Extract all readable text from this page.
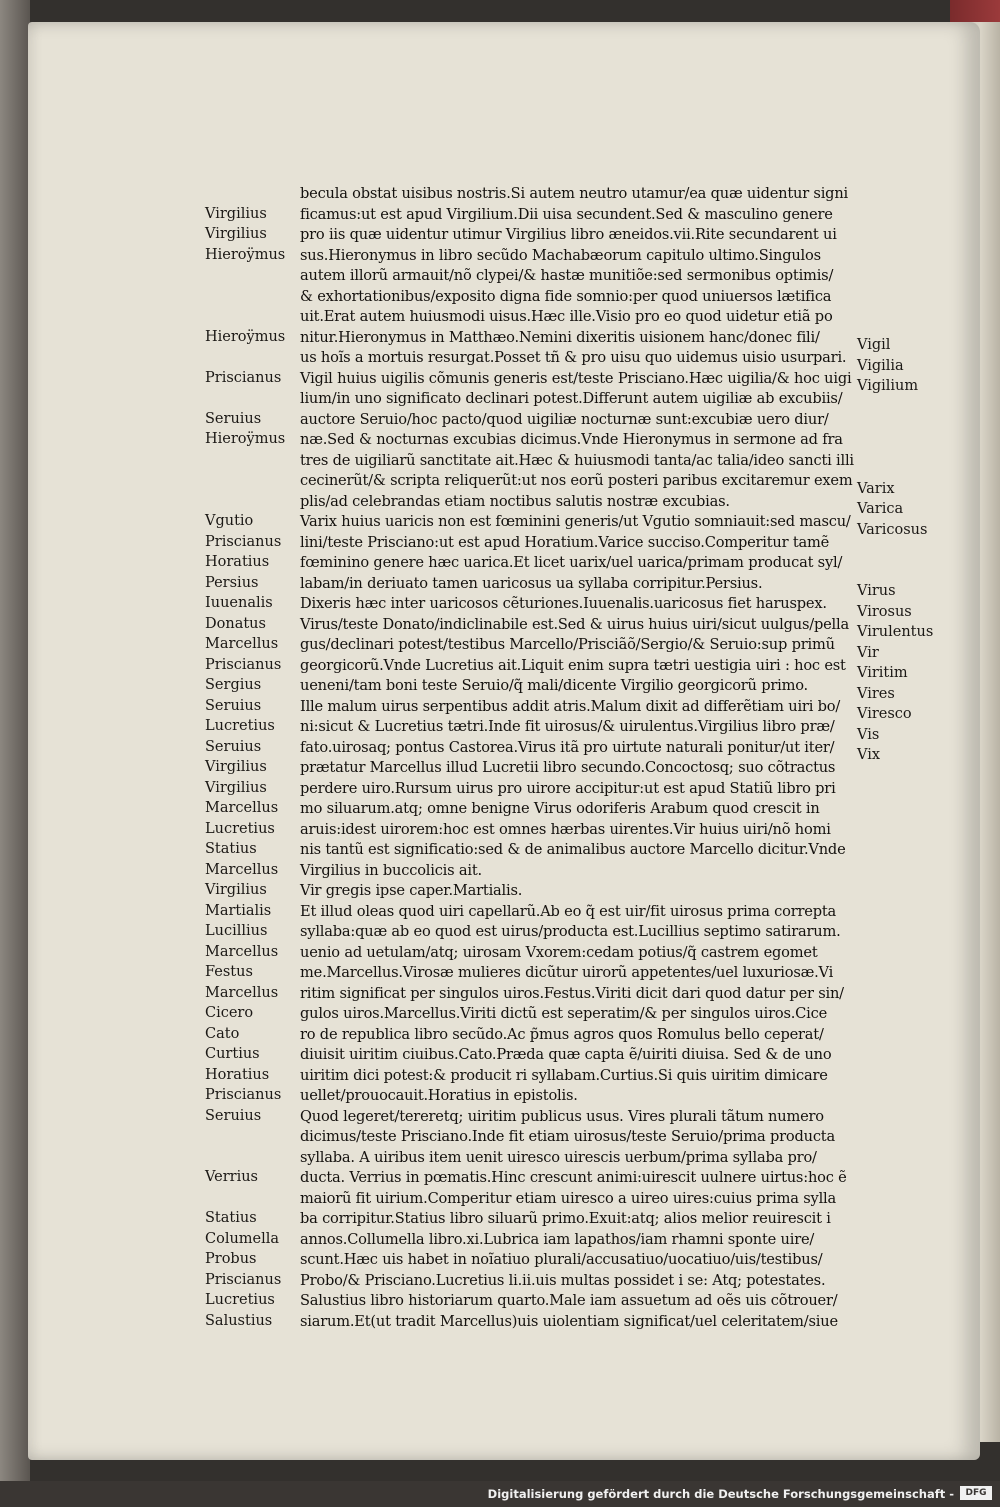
Virgilius
Virgilius
Hieroÿmus
Hieroÿmus
Priscianus
Seruius
Hieroÿmus
Vgutio
Priscianus
Horatius
Persius
Iuuenalis
Donatus
Marcellus
Priscianus
Sergius
Seruius
Lucretius
Seruius
Virgilius
Virgilius
Marcellus
Lucretius
Statius
Marcellus
Virgilius
Martialis
Lucillius
Marcellus
Festus
Marcellus
Cicero
Cato
Curtius
Horatius
Priscianus
Seruius
Verrius
Statius
Columella
Probus
Priscianus
Lucretius
Salustius
becula obstat uisibus nostris.Si autem neutro utamur/ea quæ uidentur signi
ficamus:ut est apud Virgilium.Dii uisa secundent.Sed & masculino genere
pro iis quæ uidentur utimur Virgilius libro æneidos.vii.Rite secundarent ui
sus.Hieronymus in libro secũdo Machabæorum capitulo ultimo.Singulos
autem illorũ armauit/nõ clypei/& hastæ munitiõe:sed sermonibus optimis/
& exhortationibus/exposito digna fide somnio:per quod uniuersos lætifica
uit.Erat autem huiusmodi uisus.Hæc ille.Visio pro eo quod uidetur etiã po
nitur.Hieronymus in Matthæo.Nemini dixeritis uisionem hanc/donec fili/
us hoĩs a mortuis resurgat.Posset tñ & pro uisu quo uidemus uisio usurpari.
Vigil huius uigilis cõmunis generis est/teste Prisciano.Hæc uigilia/& hoc uigi
lium/in uno significato declinari potest.Differunt autem uigiliæ ab excubiis/
auctore Seruio/hoc pacto/quod uigiliæ nocturnæ sunt:excubiæ uero diur/
næ.Sed & nocturnas excubias dicimus.Vnde Hieronymus in sermone ad fra
tres de uigiliarũ sanctitate ait.Hæc & huiusmodi tanta/ac talia/ideo sancti illi
cecinerũt/& scripta reliquerũt:ut nos eorũ posteri paribus excitaremur exem
plis/ad celebrandas etiam noctibus salutis nostræ excubias.
Varix huius uaricis non est fœminini generis/ut Vgutio somniauit:sed mascu/
lini/teste Prisciano:ut est apud Horatium.Varice succiso.Comperitur tamẽ
fœminino genere hæc uarica.Et licet uarix/uel uarica/primam producat syl/
labam/in deriuato tamen uaricosus ua syllaba corripitur.Persius.
Dixeris hæc inter uaricosos cẽturiones.Iuuenalis.uaricosus fiet haruspex.
Virus/teste Donato/indiclinabile est.Sed & uirus huius uiri/sicut uulgus/pella
gus/declinari potest/testibus Marcello/Prisciãõ/Sergio/& Seruio:sup primũ
georgicorũ.Vnde Lucretius ait.Liquit enim supra tætri uestigia uiri : hoc est
ueneni/tam boni teste Seruio/q̃ mali/dicente Virgilio georgicorũ primo.
Ille malum uirus serpentibus addit atris.Malum dixit ad differẽtiam uiri bo/
ni:sicut & Lucretius tætri.Inde fit uirosus/& uirulentus.Virgilius libro præ/
fato.uirosaq; pontus Castorea.Virus itã pro uirtute naturali ponitur/ut iter/
prætatur Marcellus illud Lucretii libro secundo.Concoctosq; suo cõtractus
perdere uiro.Rursum uirus pro uirore accipitur:ut est apud Statiũ libro pri
mo siluarum.atq; omne benigne Virus odoriferis Arabum quod crescit in
aruis:idest uirorem:hoc est omnes hærbas uirentes.Vir huius uiri/nõ homi
nis tantũ est significatio:sed & de animalibus auctore Marcello dicitur.Vnde
Virgilius in buccolicis ait.
Vir gregis ipse caper.Martialis.
Et illud oleas quod uiri capellarũ.Ab eo q̃ est uir/fit uirosus prima correpta
syllaba:quæ ab eo quod est uirus/producta est.Lucillius septimo satirarum.
uenio ad uetulam/atq; uirosam Vxorem:cedam potius/q̃ castrem egomet
me.Marcellus.Virosæ mulieres dicũtur uirorũ appetentes/uel luxuriosæ.Vi
ritim significat per singulos uiros.Festus.Viriti dicit dari quod datur per sin/
gulos uiros.Marcellus.Viriti dictũ est seperatim/& per singulos uiros.Cice
ro de republica libro secũdo.Ac p̃mus agros quos Romulus bello ceperat/
diuisit uiritim ciuibus.Cato.Præda quæ capta ẽ/uiriti diuisa. Sed & de uno
uiritim dici potest:& producit ri syllabam.Curtius.Si quis uiritim dimicare
uellet/prouocauit.Horatius in epistolis.
Quod legeret/tereretq; uiritim publicus usus. Vires plurali tãtum numero
dicimus/teste Prisciano.Inde fit etiam uirosus/teste Seruio/prima producta
syllaba. A uiribus item uenit uiresco uirescis uerbum/prima syllaba pro/
ducta. Verrius in pœmatis.Hinc crescunt animi:uirescit uulnere uirtus:hoc ẽ
maiorũ fit uirium.Comperitur etiam uiresco a uireo uires:cuius prima sylla
ba corripitur.Statius libro siluarũ primo.Exuit:atq; alios melior reuirescit i
annos.Collumella libro.xi.Lubrica iam lapathos/iam rhamni sponte uire/
scunt.Hæc uis habet in noĩatiuo plurali/accusatiuo/uocatiuo/uis/testibus/
Probo/& Prisciano.Lucretius li.ii.uis multas possidet i se: Atq; potestates.
Salustius libro historiarum quarto.Male iam assuetum ad oẽs uis cõtrouer/
siarum.Et(ut tradit Marcellus)uis uiolentiam significat/uel celeritatem/siue
Vigil
Vigilia
Vigilium
Varix
Varica
Varicosus
Virus
Virosus
Virulentus
Vir
Viritim
Vires
Viresco
Vis
Vix
Digitalisierung gefördert durch die Deutsche Forschungsgemeinschaft -	DFG
